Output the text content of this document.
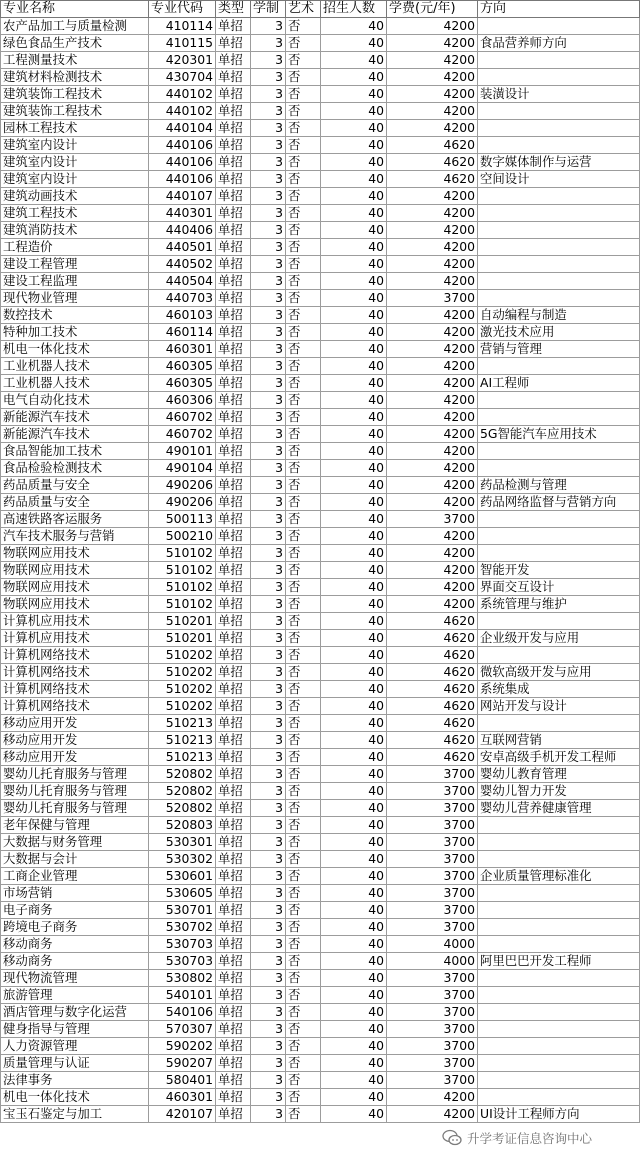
专业名称	专业代码	类型	学制	艺术	招生人数	学费(元/年)	方向
农产品加工与质量检测	410114	单招	3	否	40	4200	
绿色食品生产技术	410115	单招	3	否	40	4200	食品营养师方向
工程测量技术	420301	单招	3	否	40	4200	
建筑材料检测技术	430704	单招	3	否	40	4200	
建筑装饰工程技术	440102	单招	3	否	40	4200	装潢设计
建筑装饰工程技术	440102	单招	3	否	40	4200	
园林工程技术	440104	单招	3	否	40	4200	
建筑室内设计	440106	单招	3	否	40	4620	
建筑室内设计	440106	单招	3	否	40	4620	数字媒体制作与运营
建筑室内设计	440106	单招	3	否	40	4620	空间设计
建筑动画技术	440107	单招	3	否	40	4200	
建筑工程技术	440301	单招	3	否	40	4200	
建筑消防技术	440406	单招	3	否	40	4200	
工程造价	440501	单招	3	否	40	4200	
建设工程管理	440502	单招	3	否	40	4200	
建设工程监理	440504	单招	3	否	40	4200	
现代物业管理	440703	单招	3	否	40	3700	
数控技术	460103	单招	3	否	40	4200	自动编程与制造
特种加工技术	460114	单招	3	否	40	4200	激光技术应用
机电一体化技术	460301	单招	3	否	40	4200	营销与管理
工业机器人技术	460305	单招	3	否	40	4200	
工业机器人技术	460305	单招	3	否	40	4200	AI工程师
电气自动化技术	460306	单招	3	否	40	4200	
新能源汽车技术	460702	单招	3	否	40	4200	
新能源汽车技术	460702	单招	3	否	40	4200	5G智能汽车应用技术
食品智能加工技术	490101	单招	3	否	40	4200	
食品检验检测技术	490104	单招	3	否	40	4200	
药品质量与安全	490206	单招	3	否	40	4200	药品检测与管理
药品质量与安全	490206	单招	3	否	40	4200	药品网络监督与营销方向
高速铁路客运服务	500113	单招	3	否	40	3700	
汽车技术服务与营销	500210	单招	3	否	40	4200	
物联网应用技术	510102	单招	3	否	40	4200	
物联网应用技术	510102	单招	3	否	40	4200	智能开发
物联网应用技术	510102	单招	3	否	40	4200	界面交互设计
物联网应用技术	510102	单招	3	否	40	4200	系统管理与维护
计算机应用技术	510201	单招	3	否	40	4620	
计算机应用技术	510201	单招	3	否	40	4620	企业级开发与应用
计算机网络技术	510202	单招	3	否	40	4620	
计算机网络技术	510202	单招	3	否	40	4620	微软高级开发与应用
计算机网络技术	510202	单招	3	否	40	4620	系统集成
计算机网络技术	510202	单招	3	否	40	4620	网站开发与设计
移动应用开发	510213	单招	3	否	40	4620	
移动应用开发	510213	单招	3	否	40	4620	互联网营销
移动应用开发	510213	单招	3	否	40	4620	安卓高级手机开发工程师
婴幼儿托育服务与管理	520802	单招	3	否	40	3700	婴幼儿教育管理
婴幼儿托育服务与管理	520802	单招	3	否	40	3700	婴幼儿智力开发
婴幼儿托育服务与管理	520802	单招	3	否	40	3700	婴幼儿营养健康管理
老年保健与管理	520803	单招	3	否	40	3700	
大数据与财务管理	530301	单招	3	否	40	3700	
大数据与会计	530302	单招	3	否	40	3700	
工商企业管理	530601	单招	3	否	40	3700	企业质量管理标准化
市场营销	530605	单招	3	否	40	3700	
电子商务	530701	单招	3	否	40	3700	
跨境电子商务	530702	单招	3	否	40	3700	
移动商务	530703	单招	3	否	40	4000	
移动商务	530703	单招	3	否	40	4000	阿里巴巴开发工程师
现代物流管理	530802	单招	3	否	40	3700	
旅游管理	540101	单招	3	否	40	3700	
酒店管理与数字化运营	540106	单招	3	否	40	3700	
健身指导与管理	570307	单招	3	否	40	3700	
人力资源管理	590202	单招	3	否	40	3700	
质量管理与认证	590207	单招	3	否	40	3700	
法律事务	580401	单招	3	否	40	3700	
机电一体化技术	460301	单招	3	否	40	4200	
宝玉石鉴定与加工	420107	单招	3	否	40	4200	UI设计工程师方向
升学考证信息咨询中心
